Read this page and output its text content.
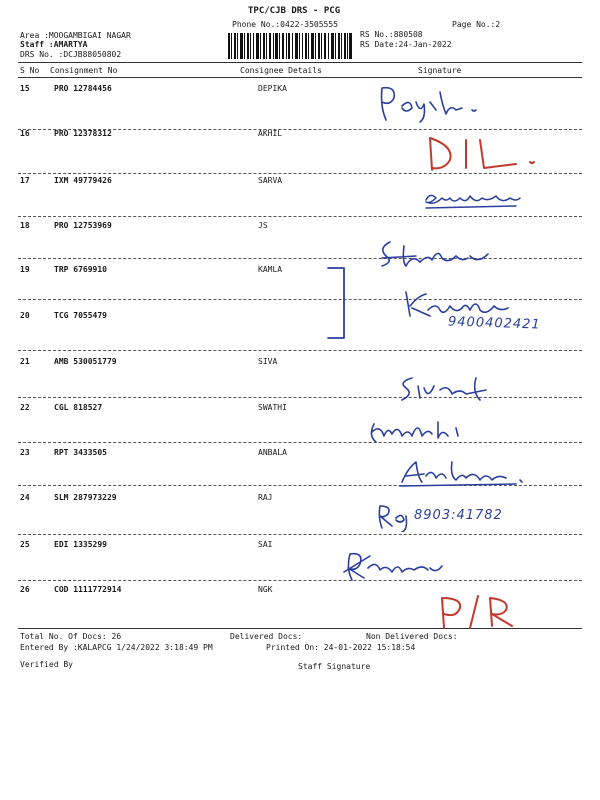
TPC/CJB DRS - PCG
Phone No.:0422-3505555	Page No.:2
Area :MOOGAMBIGAI NAGAR
Staff :AMARTYA
DRS No. :DCJB88050802
RS No.:880508
RS Date:24-Jan-2022
S No Consignment No	Consignee Details	Signature
15	PRO 12784456	DEPIKA
16	PRO 12378312	AKHIL
17	IXM 49779426	SARVA
18	PRO 12753969	JS
19	TRP 6769910	KAMLA
20	TCG 7055479
21	AMB 530051779	SIVA
22	CGL 818527	SWATHI
23	RPT 3433505	ANBALA
24	SLM 287973229	RAJ
25	EDI 1335299	SAI
26	COD 1111772914	NGK
Total No. Of Docs: 26	Delivered Docs:	Non Delivered Docs:
Entered By :KALAPCG 1/24/2022 3:18:49 PM	Printed On: 24-01-2022 15:18:54
Verified By	Staff Signature
9400402421
8903:41782
